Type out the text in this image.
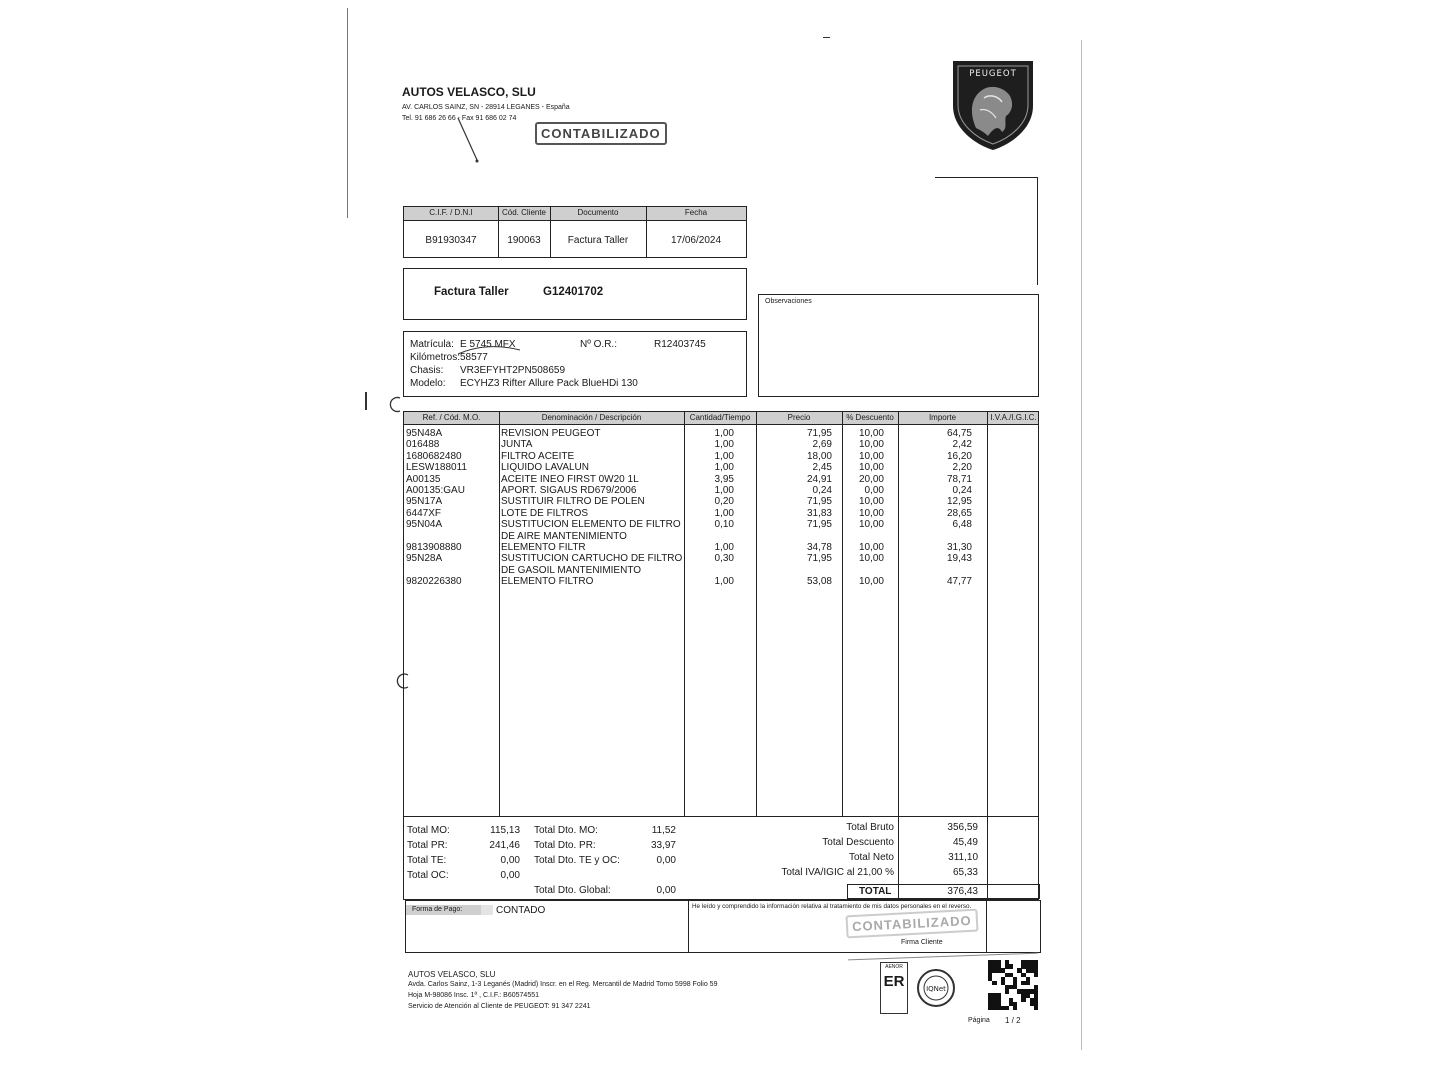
AUTOS VELASCO, SLU
AV. CARLOS SAINZ, SN - 28914 LEGANES - España
Tel. 91 686 26 66 - Fax 91 686 02 74
CONTABILIZADO
PEUGEOT
C.I.F. / D.N.I	Cód. Cliente	Documento	Fecha
B91930347	190063	Factura Taller	17/06/2024
Factura Taller	G12401702
Observaciones
Matrícula: E 5745 MFX	Nº O.R.:	R12403745
Kilómetros: 58577
Chasis: VR3EFYHT2PN508659
Modelo: ECYHZ3 Rifter Allure Pack BlueHDi 130
Ref. / Cód. M.O.	Denominación / Descripción	Cantidad/Tiempo	Precio	% Descuento	Importe	I.V.A./I.G.I.C.
95N48A	REVISION PEUGEOT	1,00	71,95	10,00	64,75
016488	JUNTA	1,00	2,69	10,00	2,42
1680682480	FILTRO ACEITE	1,00	18,00	10,00	16,20
LESW188011	LIQUIDO LAVALUN	1,00	2,45	10,00	2,20
A00135	ACEITE INEO FIRST 0W20 1L	3,95	24,91	20,00	78,71
A00135:GAU	APORT. SIGAUS RD679/2006	1,00	0,24	0,00	0,24
95N17A	SUSTITUIR FILTRO DE POLEN	0,20	71,95	10,00	12,95
6447XF	LOTE DE FILTROS	1,00	31,83	10,00	28,65
95N04A	SUSTITUCION ELEMENTO DE FILTRO	0,10	71,95	10,00	6,48
DE AIRE MANTENIMIENTO
9813908880	ELEMENTO FILTR	1,00	34,78	10,00	31,30
95N28A	SUSTITUCION CARTUCHO DE FILTRO	0,30	71,95	10,00	19,43
DE GASOIL MANTENIMIENTO
9820226380	ELEMENTO FILTRO	1,00	53,08	10,00	47,77
Total MO:	115,13 Total Dto. MO:	11,52
Total PR:	241,46 Total Dto. PR:	33,97
Total TE:	0,00 Total Dto. TE y OC:	0,00
Total OC:	0,00
Total Dto. Global:	0,00
Total Bruto	356,59
Total Descuento	45,49
Total Neto	311,10
Total IVA/IGIC al 21,00 %	65,33
TOTAL	376,43
Forma de Pago:	CONTADO	He leído y comprendido la información relativa al tratamiento de mis datos personales en el reverso.
CONTABILIZADO
Firma Cliente
AUTOS VELASCO, SLU
Avda. Carlos Sainz, 1-3 Leganés (Madrid) Inscr. en el Reg. Mercantil de Madrid Tomo 5998 Folio 59
Hoja M-98086 Insc. 1ª , C.I.F.: B60574551
Servicio de Atención al Cliente de PEUGEOT: 91 347 2241
AENOR
ER	IQNet
Página 1 / 2
